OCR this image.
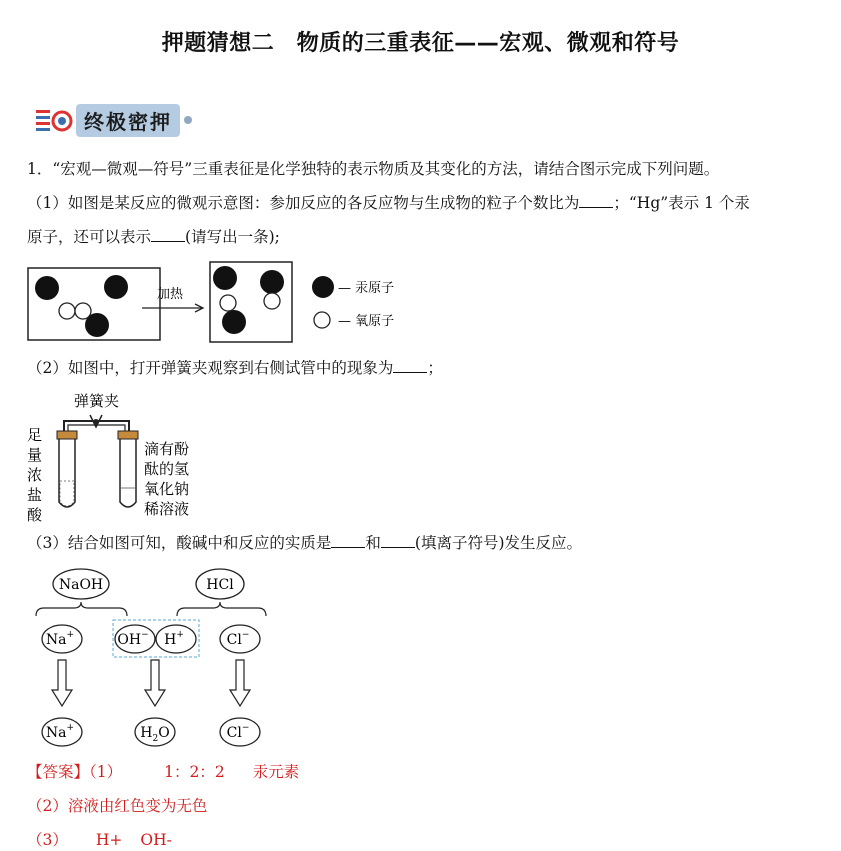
押题猜想二　物质的三重表征——宏观、微观和符号
终极密押
1．“宏观—微观—符号”三重表征是化学独特的表示物质及其变化的方法，请结合图示完成下列问题。
（1）如图是某反应的微观示意图：参加反应的各反应物与生成物的粒子个数比为 ；“Hg”表示 1 个汞
原子，还可以表示 (请写出一条);
加热	— 汞原子
— 氧原子
（2）如图中，打开弹簧夹观察到右侧试管中的现象为 ；
弹簧夹
足
量
浓
盐
酸
滴有酚
酞的氢
氧化钠
稀溶液
（3）结合如图可知，酸碱中和反应的实质是 和 (填离子符号)发生反应。
NaOH	HCl
Na+	OH− H+	Cl−
Na+	$H_2O$	Cl−
【答案】（1）	1：2：2 汞元素
（2）溶液由红色变为无色
（3） H+ OH-
